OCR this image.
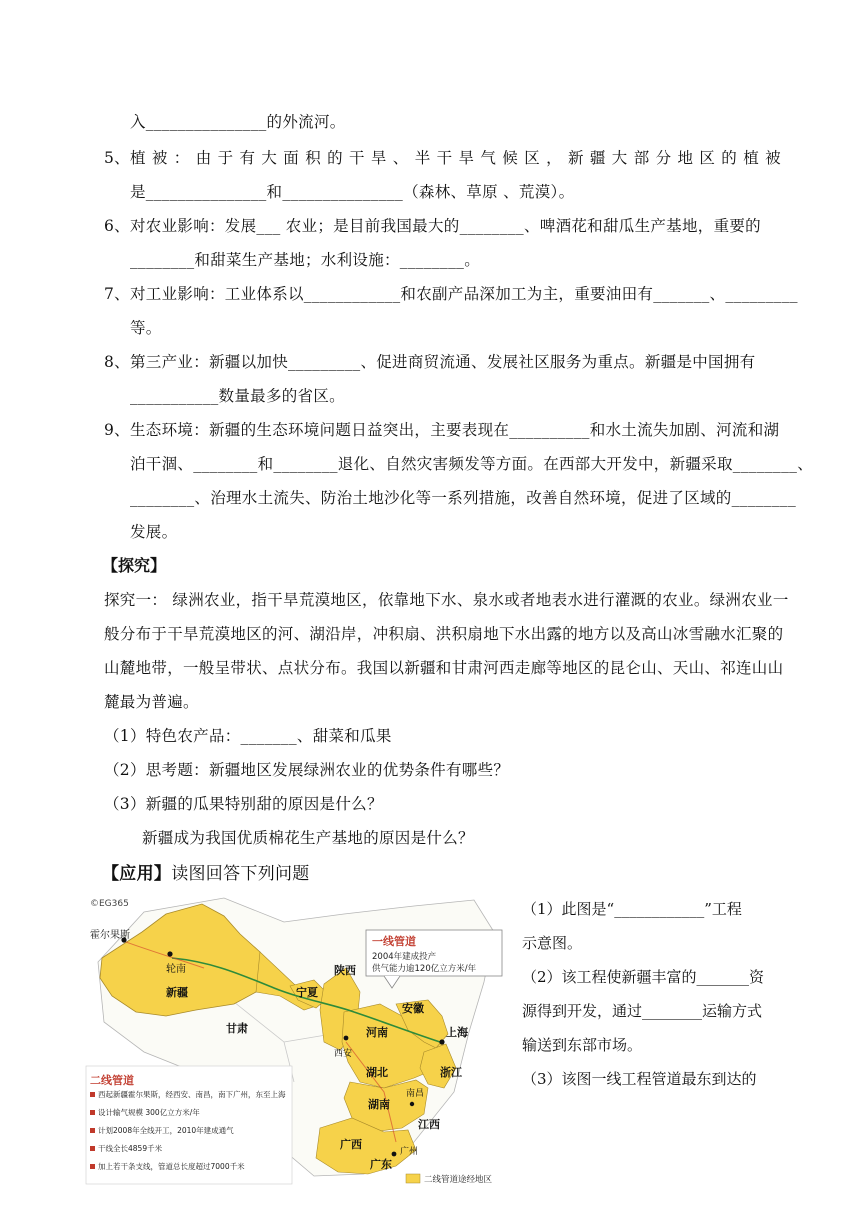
入_______________的外流河。
5、 植被：由于有大面积的干旱、半干旱气候区，新疆大部分地区的植被
是_______________和_______________（森林、草原 、荒漠）。
6、 对农业影响：发展___ 农业；是目前我国最大的________、啤酒花和甜瓜生产基地，重要的
________和甜菜生产基地；水利设施：________。
7、 对工业影响：工业体系以____________和农副产品深加工为主，重要油田有_______、_________
等。
8、 第三产业：新疆以加快_________、促进商贸流通、发展社区服务为重点。新疆是中国拥有
___________数量最多的省区。
9、 生态环境：新疆的生态环境问题日益突出，主要表现在__________和水土流失加剧、河流和湖
泊干涸、________和________退化、自然灾害频发等方面。在西部大开发中，新疆采取________、
________、治理水土流失、防治土地沙化等一系列措施，改善自然环境，促进了区域的________
发展。
【探究】
探究一： 绿洲农业，指干旱荒漠地区，依靠地下水、泉水或者地表水进行灌溉的农业。绿洲农业一
般分布于干旱荒漠地区的河、湖沿岸，冲积扇、洪积扇地下水出露的地方以及高山冰雪融水汇聚的
山麓地带，一般呈带状、点状分布。我国以新疆和甘肃河西走廊等地区的昆仑山、天山、祁连山山
麓最为普遍。
（1）特色农产品：_______、甜菜和瓜果
（2）思考题：新疆地区发展绿洲农业的优势条件有哪些？
（3）新疆的瓜果特别甜的原因是什么？
新疆成为我国优质棉花生产基地的原因是什么？
【应用】读图回答下列问题
（1）此图是“____________”工程
示意图。
（2）该工程使新疆丰富的_______资
源得到开发，通过________运输方式
输送到东部市场。
（3）该图一线工程管道最东到达的
©EG365
霍尔果斯
轮南
新疆
甘肃
宁夏
陕西
河南
安徽
上海
西安
湖北	浙江
南昌
湖南
江西
广西
广州
广东
一线管道
2004年建成投产
供气能力逾120亿立方米/年
二线管道
西起新疆霍尔果斯，经西安、南昌，南下广州，东至上海
设计输气规模 300亿立方米/年
计划2008年全线开工，2010年建成通气
干线全长4859千米
加上若干条支线，管道总长度超过7000千米
二线管道途经地区
